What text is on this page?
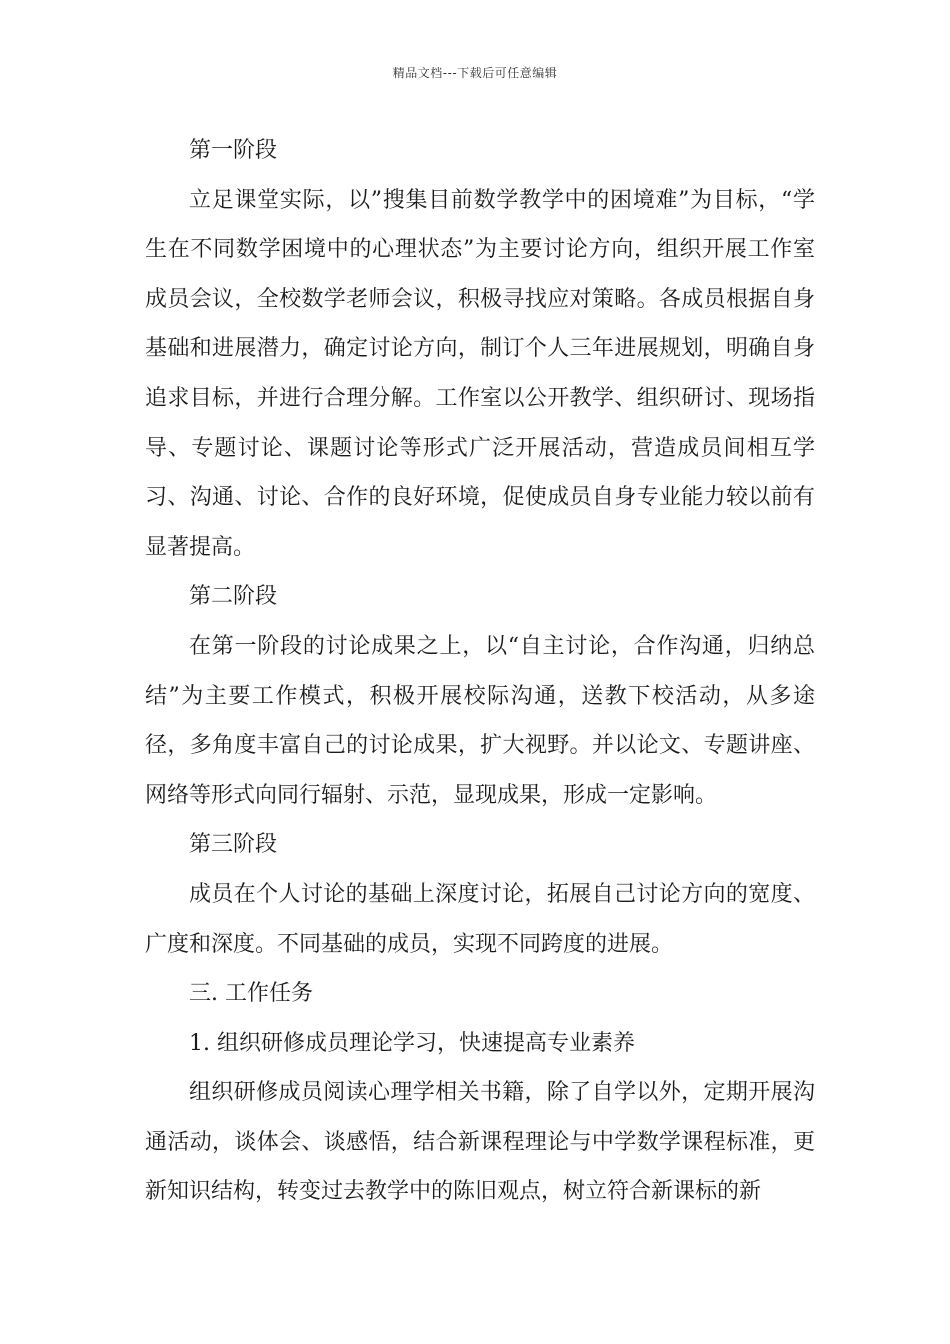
精品文档---下载后可任意编辑
第一阶段
立足课堂实际，以”搜集目前数学教学中的困境难”为目标，“学生在不同数学困境中的心理状态”为主要讨论方向，组织开展工作室成员会议，全校数学老师会议，积极寻找应对策略。各成员根据自身基础和进展潜力，确定讨论方向，制订个人三年进展规划，明确自身追求目标，并进行合理分解。工作室以公开教学、组织研讨、现场指导、专题讨论、课题讨论等形式广泛开展活动，营造成员间相互学习、沟通、讨论、合作的良好环境，促使成员自身专业能力较以前有显著提高。
第二阶段
在第一阶段的讨论成果之上，以“自主讨论，合作沟通，归纳总结”为主要工作模式，积极开展校际沟通，送教下校活动，从多途径，多角度丰富自己的讨论成果，扩大视野。并以论文、专题讲座、网络等形式向同行辐射、示范，显现成果，形成一定影响。
第三阶段
成员在个人讨论的基础上深度讨论，拓展自己讨论方向的宽度、广度和深度。不同基础的成员，实现不同跨度的进展。
三. 工作任务
1. 组织研修成员理论学习，快速提高专业素养
组织研修成员阅读心理学相关书籍，除了自学以外，定期开展沟通活动，谈体会、谈感悟，结合新课程理论与中学数学课程标准，更新知识结构，转变过去教学中的陈旧观点，树立符合新课标的新
